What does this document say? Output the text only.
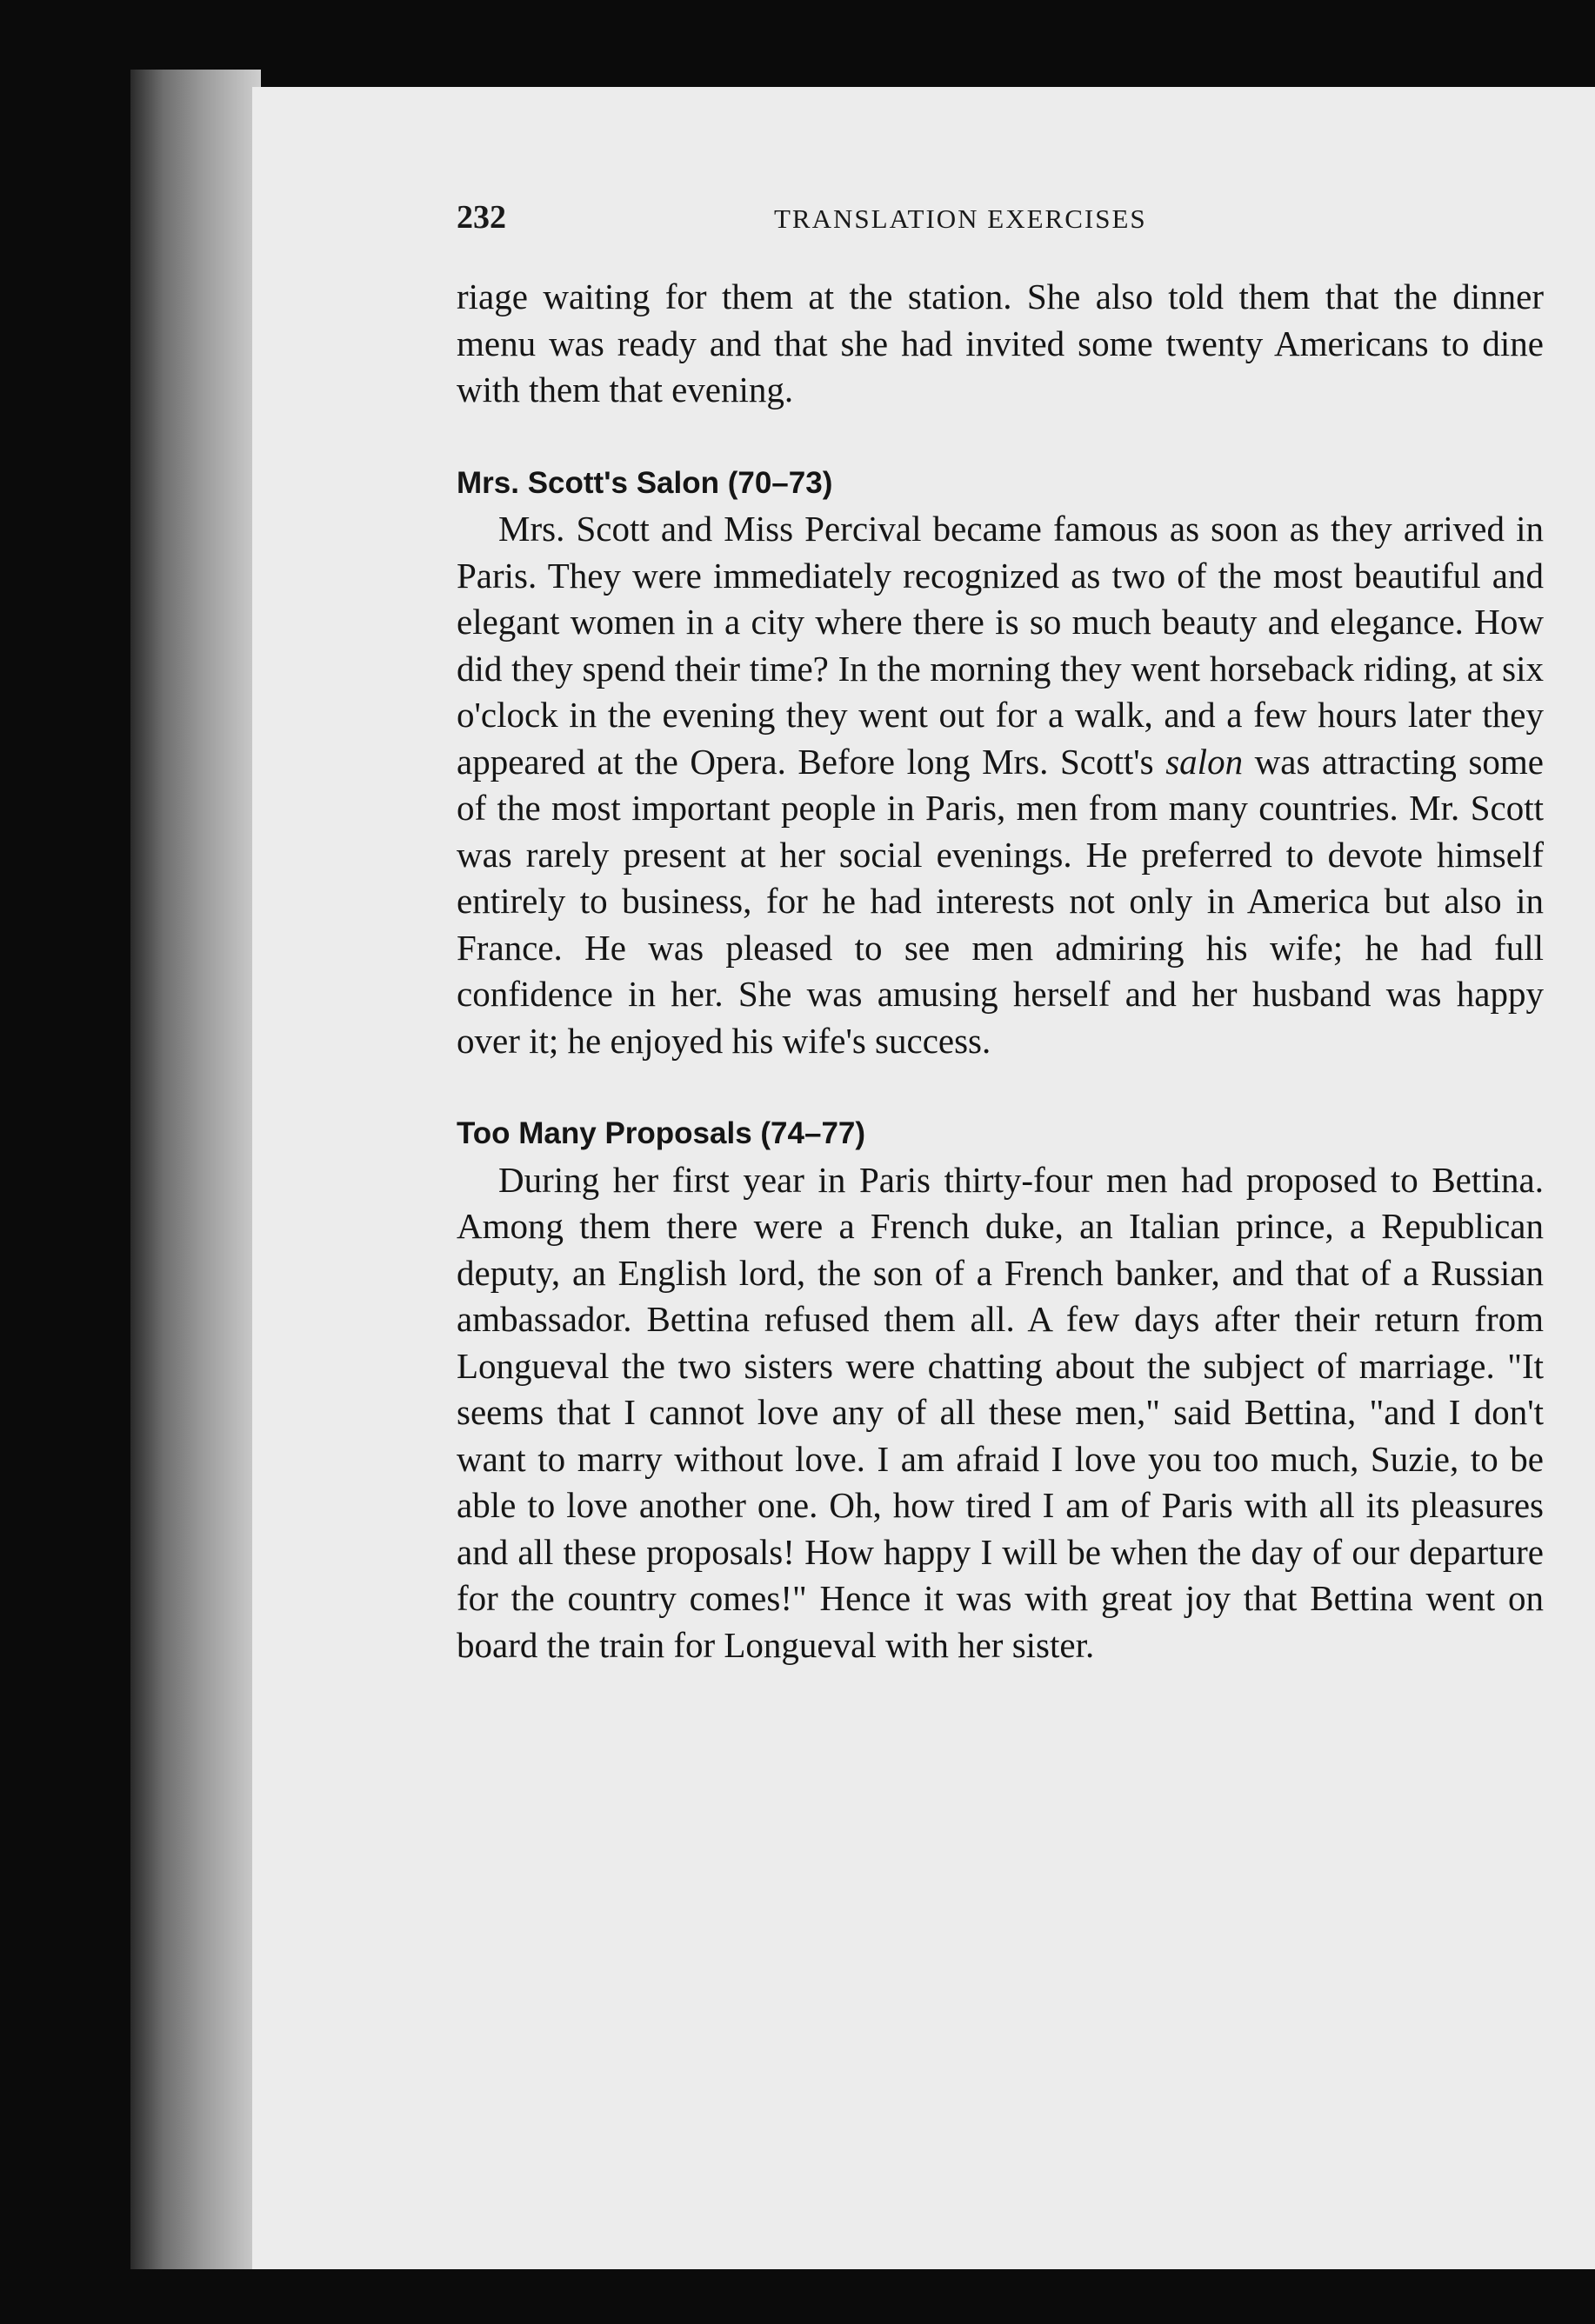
232	TRANSLATION EXERCISES

riage waiting for them at the station. She also told them that the dinner menu was ready and that she had invited some twenty Americans to dine with them that evening.

Mrs. Scott's Salon (70–73)

Mrs. Scott and Miss Percival became famous as soon as they arrived in Paris. They were immediately recognized as two of the most beautiful and elegant women in a city where there is so much beauty and elegance. How did they spend their time? In the morning they went horseback riding, at six o'clock in the evening they went out for a walk, and a few hours later they appeared at the Opera. Before long Mrs. Scott's salon was attracting some of the most important people in Paris, men from many countries. Mr. Scott was rarely present at her social evenings. He preferred to devote himself entirely to business, for he had interests not only in America but also in France. He was pleased to see men admiring his wife; he had full confidence in her. She was amusing herself and her husband was happy over it; he enjoyed his wife's success.

Too Many Proposals (74–77)

During her first year in Paris thirty-four men had proposed to Bettina. Among them there were a French duke, an Italian prince, a Republican deputy, an English lord, the son of a French banker, and that of a Russian ambassador. Bettina refused them all. A few days after their return from Longueval the two sisters were chatting about the subject of marriage. "It seems that I cannot love any of all these men," said Bettina, "and I don't want to marry without love. I am afraid I love you too much, Suzie, to be able to love another one. Oh, how tired I am of Paris with all its pleasures and all these proposals! How happy I will be when the day of our departure for the country comes!" Hence it was with great joy that Bettina went on board the train for Longueval with her sister.
